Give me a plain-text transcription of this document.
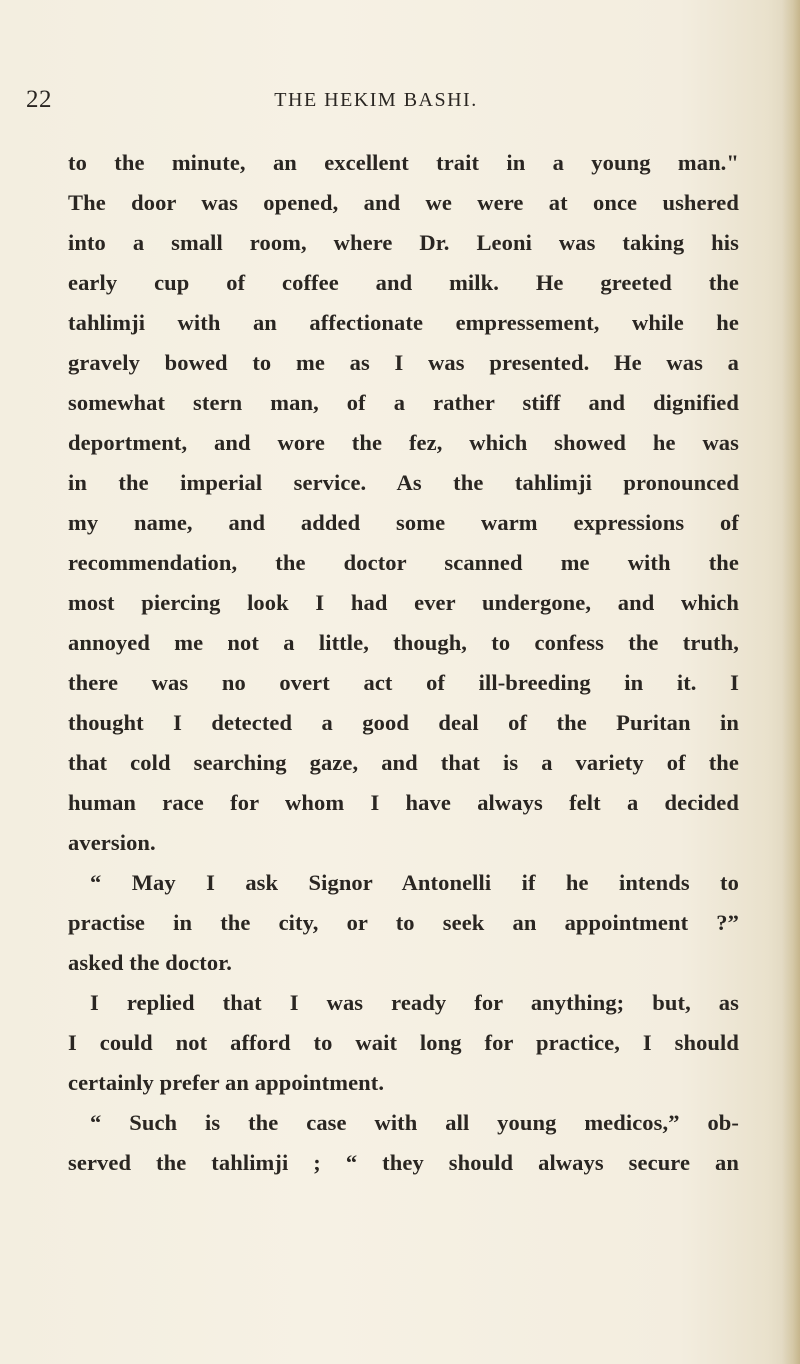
22	THE HEKIM BASHI.
to the minute, an excellent trait in a young man."
The door was opened, and we were at once ushered
into a small room, where Dr. Leoni was taking his
early cup of coffee and milk. He greeted the
tahlimji with an affectionate empressement, while he
gravely bowed to me as I was presented. He was a
somewhat stern man, of a rather stiff and dignified
deportment, and wore the fez, which showed he was
in the imperial service. As the tahlimji pronounced
my name, and added some warm expressions of
recommendation, the doctor scanned me with the
most piercing look I had ever undergone, and which
annoyed me not a little, though, to confess the truth,
there was no overt act of ill-breeding in it. I
thought I detected a good deal of the Puritan in
that cold searching gaze, and that is a variety of the
human race for whom I have always felt a decided
aversion.
“ May I ask Signor Antonelli if he intends to
practise in the city, or to seek an appointment ?”
asked the doctor.
I replied that I was ready for anything; but, as
I could not afford to wait long for practice, I should
certainly prefer an appointment.
“ Such is the case with all young medicos,” ob-
served the tahlimji ; “ they should always secure an
